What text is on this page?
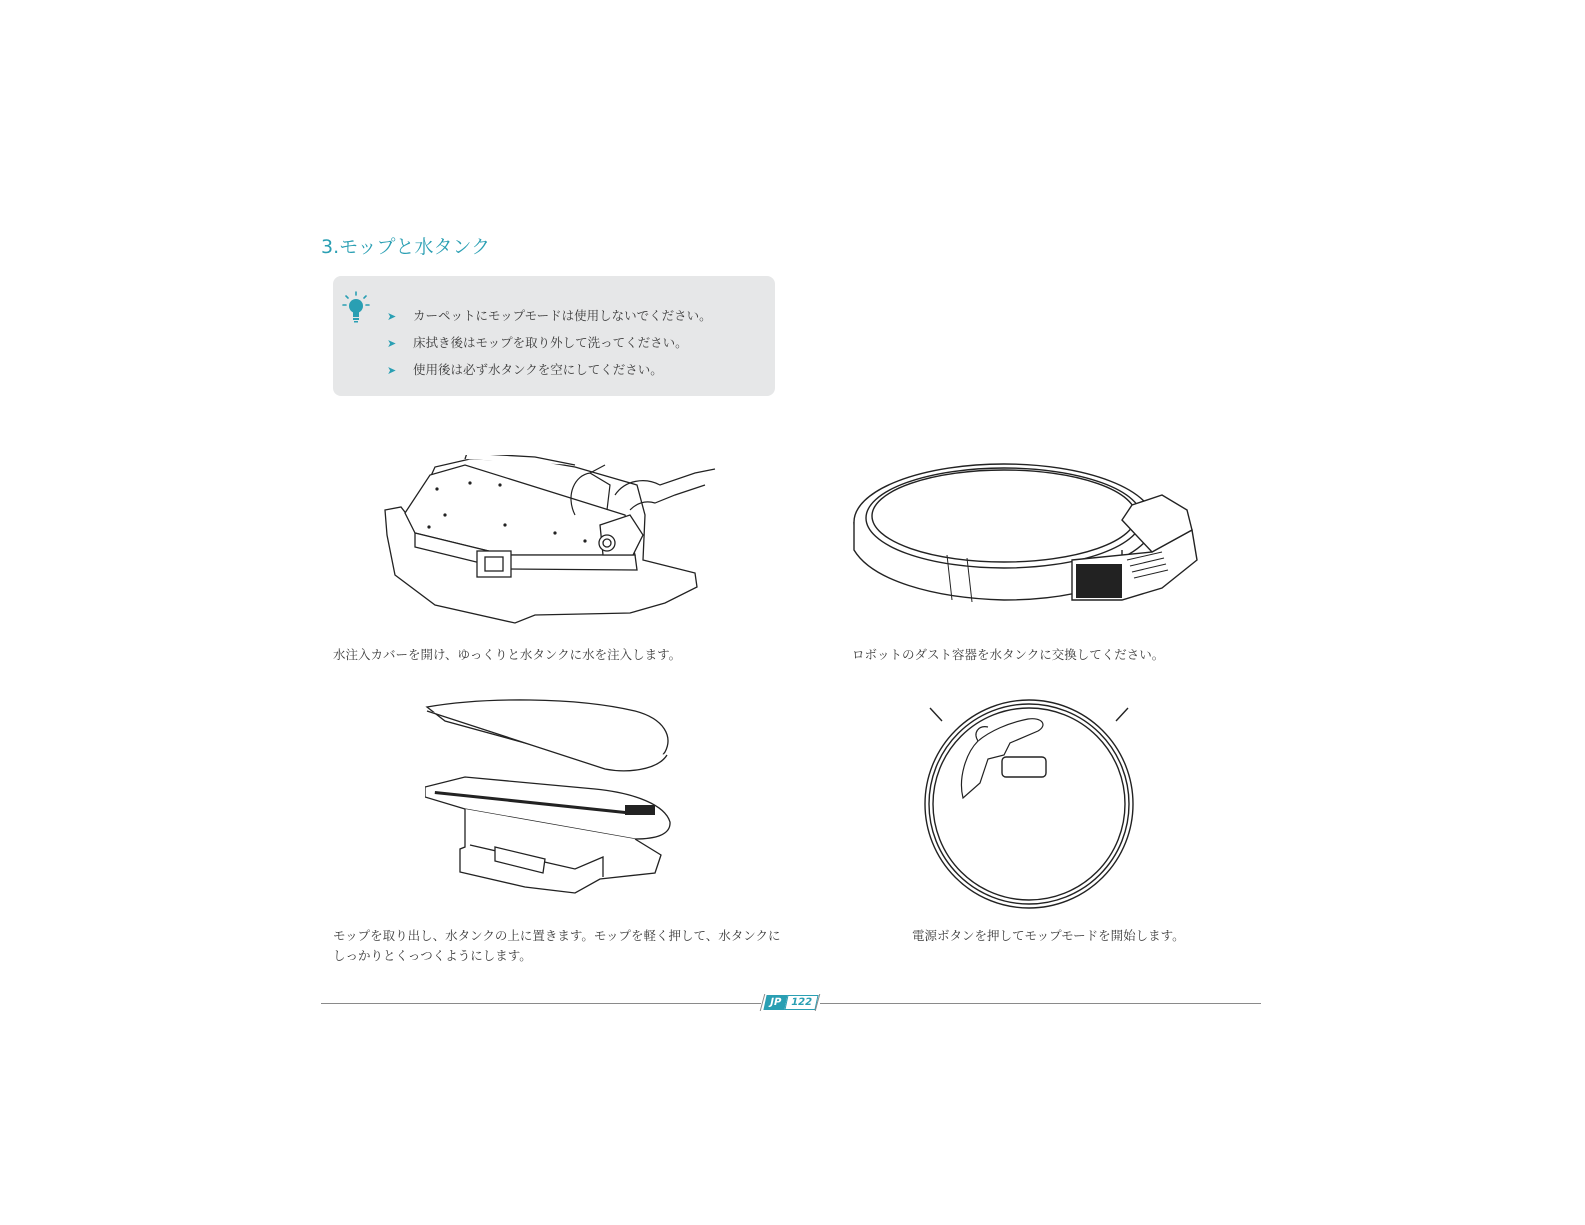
3.モップと水タンク
➤ カーペットにモップモードは使用しないでください。
➤ 床拭き後はモップを取り外して洗ってください。
➤ 使用後は必ず水タンクを空にしてください。
水注入カバーを開け、ゆっくりと水タンクに水を注入します。	ロボットのダスト容器を水タンクに交換してください。
モップを取り出し、水タンクの上に置きます。モップを軽く押して、水タンクに
しっかりとくっつくようにします。
電源ボタンを押してモップモードを開始します。
JP 122
